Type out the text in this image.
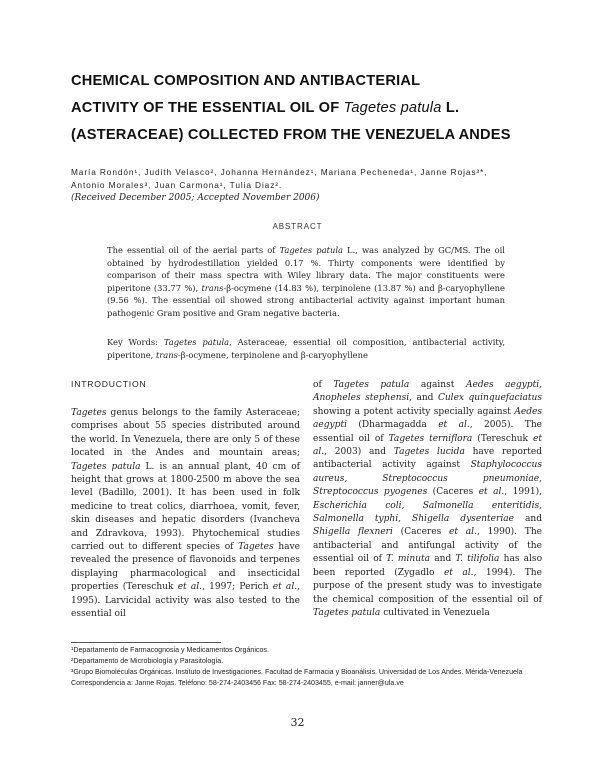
CHEMICAL COMPOSITION AND ANTIBACTERIAL
ACTIVITY OF THE ESSENTIAL OIL OF Tagetes patula L.
(ASTERACEAE) COLLECTED FROM THE VENEZUELA ANDES
María Rondón¹, Judith Velasco², Johanna Hernández¹, Mariana Pecheneda¹, Janne Rojas³*,
Antonio Morales³, Juan Carmona¹, Tulia Diaz².
(Received December 2005; Accepted November 2006)
ABSTRACT
The essential oil of the aerial parts of Tagetes patula L., was analyzed by GC/MS. The oil obtained by hydrodestillation yielded 0.17 %. Thirty components were identified by comparison of their mass spectra with Wiley library data. The major constituents were piperitone (33.77 %), trans-β-ocymene (14.83 %), terpinolene (13.87 %) and β-caryophyllene (9.56 %). The essential oil showed strong antibacterial activity against important human pathogenic Gram positive and Gram negative bacteria.
Key Words: Tagetes patula, Asteraceae, essential oil composition, antibacterial activity, piperitone, trans-β-ocymene, terpinolene and β-caryophyllene
INTRODUCTION
Tagetes genus belongs to the family Asteraceae; comprises about 55 species distributed around the world. In Venezuela, there are only 5 of these located in the Andes and mountain areas; Tagetes patula L. is an annual plant, 40 cm of height that grows at 1800-2500 m above the sea level (Badillo, 2001). It has been used in folk medicine to treat colics, diarrhoea, vomit, fever, skin diseases and hepatic disorders (Ivancheva and Zdravkova, 1993). Phytochemical studies carried out to different species of Tagetes have revealed the presence of flavonoids and terpenes displaying pharmacological and insecticidal properties (Tereschuk et al., 1997; Perich et al., 1995). Larvicidal activity was also tested to the essential oil
of Tagetes patula against Aedes aegypti, Anopheles stephensi, and Culex quinquefaciatus showing a potent activity specially against Aedes aegypti (Dharmagadda et al., 2005). The essential oil of Tagetes terniflora (Tereschuk et al., 2003) and Tagetes lucida have reported antibacterial activity against Staphylococcus aureus, Streptococcus pneumoniae, Streptococcus pyogenes (Caceres et al., 1991), Escherichia coli, Salmonella enteritidis, Salmonella typhi, Shigella dysenteriae and Shigella flexneri (Caceres et al., 1990). The antibacterial and antifungal activity of the essential oil of T. minuta and T. tilifolia has also been reported (Zygadlo et al., 1994). The purpose of the present study was to investigate the chemical composition of the essential oil of Tagetes patula cultivated in Venezuela
¹Departamento de Farmacognosia y Medicamentos Orgánicos.
²Departamento de Microbiología y Parasitología.
³Grupo Biomoléculas Orgánicas. Instituto de Investigaciones. Facultad de Farmacia y Bioanálisis. Universidad de Los Andes. Mérida-Venezuela
Correspondencia a: Janne Rojas. Teléfono: 58-274-2403456 Fax: 58-274-2403455, e-mail: janner@ula.ve
32
